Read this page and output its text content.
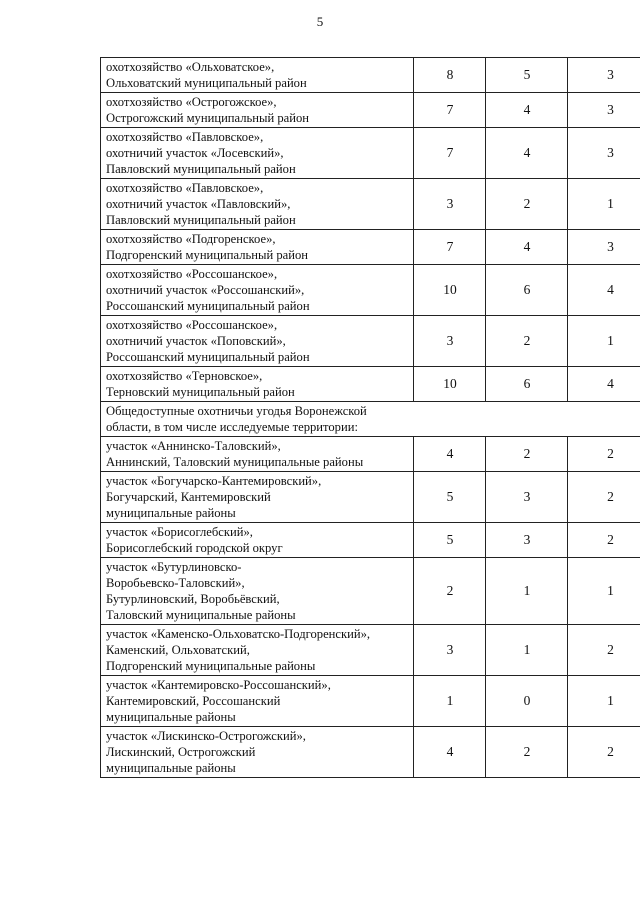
5
охотхозяйство «Ольховатское»,
Ольховатский муниципальный район	8	5	3

охотхозяйство «Острогожское»,
Острогожский муниципальный район	7	4	3

охотхозяйство «Павловское»,
охотничий участок «Лосевский»,
Павловский муниципальный район	7	4	3

охотхозяйство «Павловское»,
охотничий участок «Павловский»,
Павловский муниципальный район	3	2	1

охотхозяйство «Подгоренское»,
Подгоренский муниципальный район	7	4	3

охотхозяйство «Россошанское»,
охотничий участок «Россошанский»,
Россошанский муниципальный район	10	6	4

охотхозяйство «Россошанское»,
охотничий участок «Поповский»,
Россошанский муниципальный район	3	2	1

охотхозяйство «Терновское»,
Терновский муниципальный район	10	6	4

Общедоступные охотничьи угодья Воронежской
области, в том числе исследуемые территории:			

участок «Аннинско-Таловский»,
Аннинский, Таловский муниципальные районы	4	2	2

участок «Богучарско-Кантемировский»,
Богучарский, Кантемировский
муниципальные районы	5	3	2

участок «Борисоглебский»,
Борисоглебский городской округ	5	3	2

участок «Бутурлиновско-
Воробьевско-Таловский»,
Бутурлиновский, Воробьёвский,
Таловский муниципальные районы	2	1	1

участок «Каменско-Ольховатско-Подгоренский»,
Каменский, Ольховатский,
Подгоренский муниципальные районы	3	1	2

участок «Кантемировско-Россошанский»,
Кантемировский, Россошанский
муниципальные районы	1	0	1

участок «Лискинско-Острогожский»,
Лискинский, Острогожский
муниципальные районы	4	2	2
